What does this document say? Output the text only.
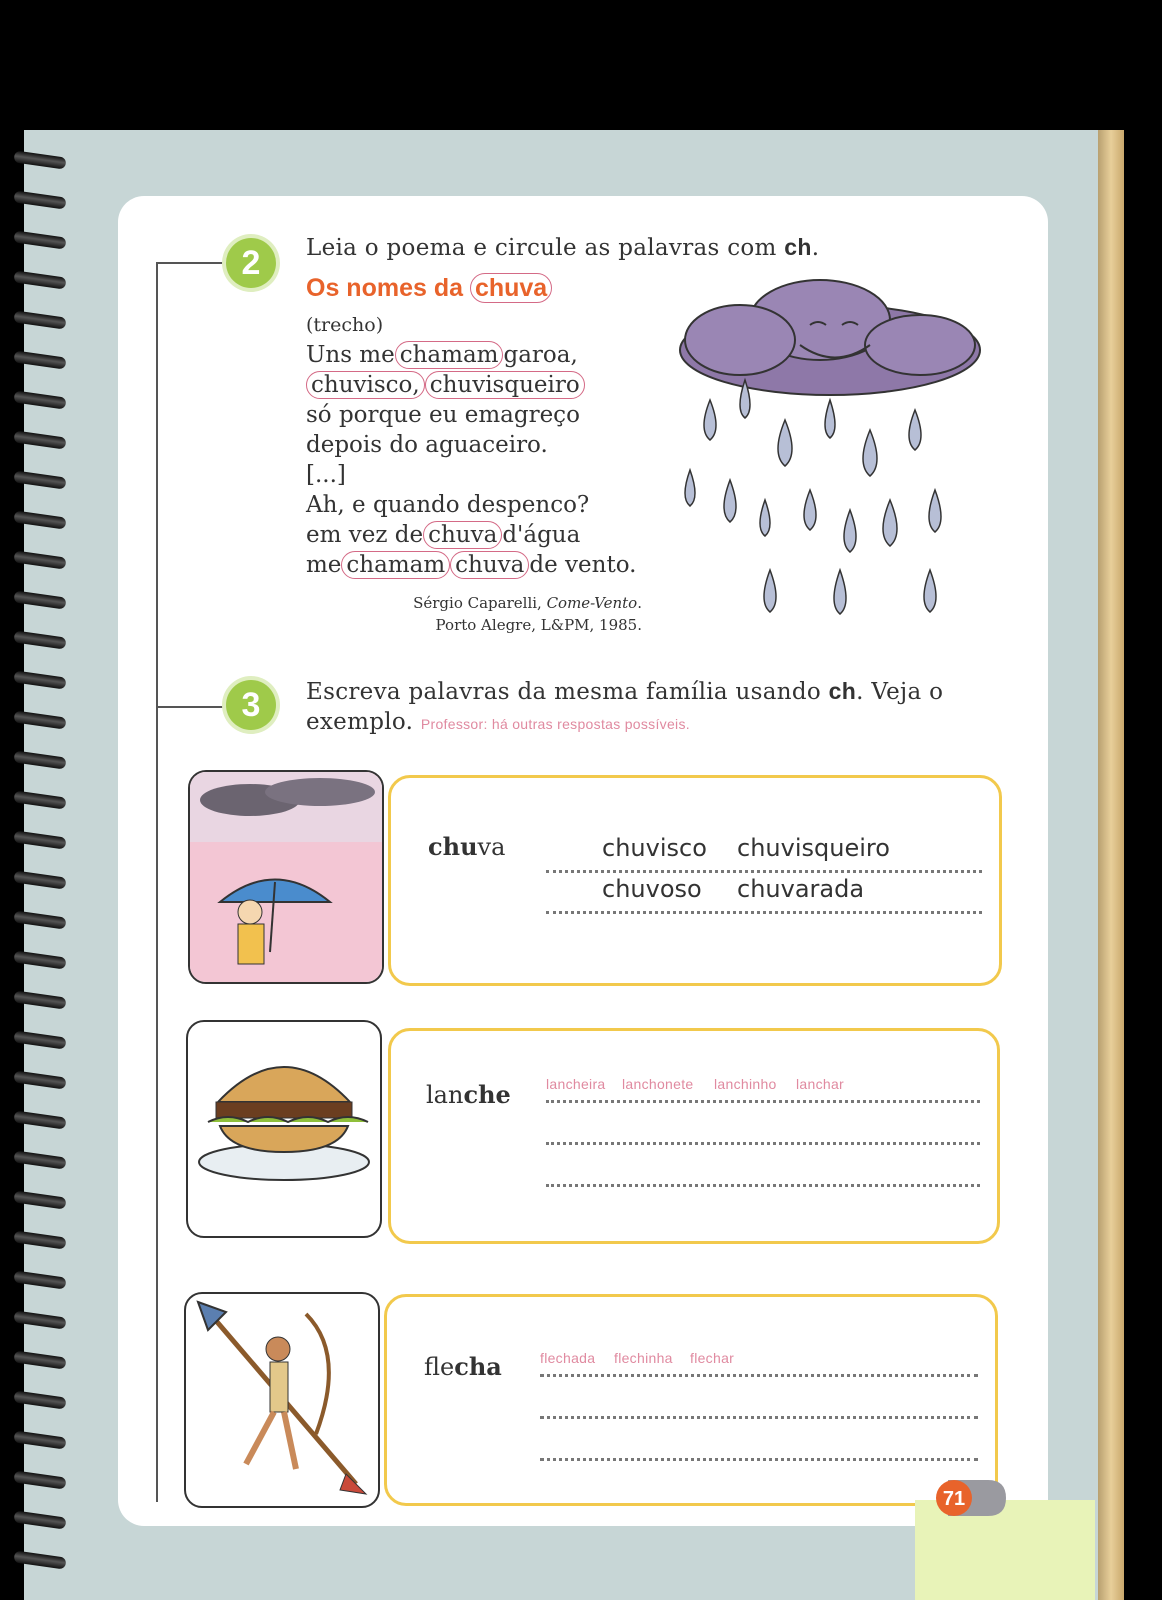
2	Leia o poema e circule as palavras com ch.
Os nomes da chuva
(trecho)
Uns me chamam garoa,
chuvisco, chuvisqueiro
só porque eu emagreço
depois do aguaceiro.
[...]
Ah, e quando despenco?
em vez de chuva d'água
me chamam chuva de vento.
Sérgio Caparelli, Come-Vento.
Porto Alegre, L&PM, 1985.
3	Escreva palavras da mesma família usando ch. Veja o
exemplo. Professor: há outras respostas possíveis.
chuva	chuvisco chuvisqueiro
chuvoso chuvarada
lanche	lancheira lanchonete lanchinho lanchar
flecha	flechada flechinha flechar
71
